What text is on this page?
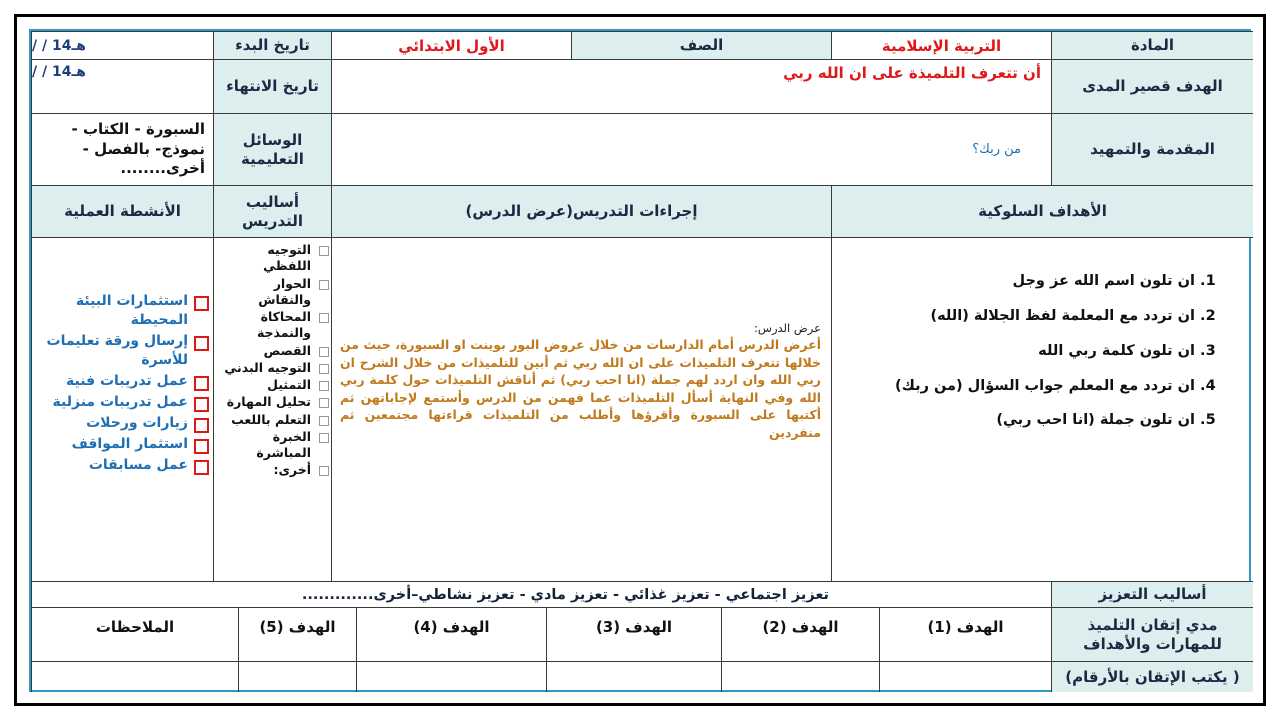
المادة
التربية الإسلامية
الصف
الأول الابتدائي
تاريخ البدء
/ / 14هـ
الهدف قصير المدى
أن تتعرف التلميذة على ان الله ربي
تاريخ الانتهاء
/ / 14هـ
المقدمة والتمهيد
من ربك؟
الوسائل التعليمية
السبورة - الكتاب - نموذج- بالفصل - أخرى........
الأهداف السلوكية
إجراءات التدريس(عرض الدرس)
أساليب التدريس
الأنشطة العملية
1. ان تلون اسم الله عز وجل
2. ان تردد مع المعلمة لفظ الجلالة (الله)
3. ان تلون كلمة ربي الله
4. ان تردد مع المعلم جواب السؤال (من ربك)
5. ان تلون جملة (انا احب ربي)
عرض الدرس:
أعرض الدرس أمام الدارسات من خلال عروض البور بوينت او السبورة، حيث من خلالها تتعرف التلميذات على ان الله ربي ثم أبين للتلميذات من خلال الشرح ان ربي الله وان اردد لهم جملة (انا احب ربي) ثم أناقش التلميذات حول كلمة ربي الله وفي النهاية أسأل التلميذات عما فهمن من الدرس وأستمع لإجاباتهن ثم أكتبها على السبورة وأقرؤها وأطلب من التلميذات قراءتها مجتمعين ثم منفردين
التوجيه اللفظي
الحوار والنقاش
المحاكاة والنمذجة
القصص
التوجيه البدني
التمثيل
تحليل المهارة
التعلم باللعب
الخبرة المباشرة
أخرى:
استثمارات البيئة المحيطة
إرسال ورقة تعليمات للأسرة
عمل تدريبات فنية
عمل تدريبات منزلية
زيارات ورحلات
استثمار المواقف
عمل مسابقات
أساليب التعزيز
تعزيز اجتماعي - تعزيز غذائي - تعزيز مادي - تعزيز نشاطي–أخرى.............
مدي إتقان التلميذ للمهارات والأهداف
الهدف (1)
الهدف (2)
الهدف (3)
الهدف (4)
الهدف (5)
الملاحظات
( يكتب الإتقان بالأرقام)
